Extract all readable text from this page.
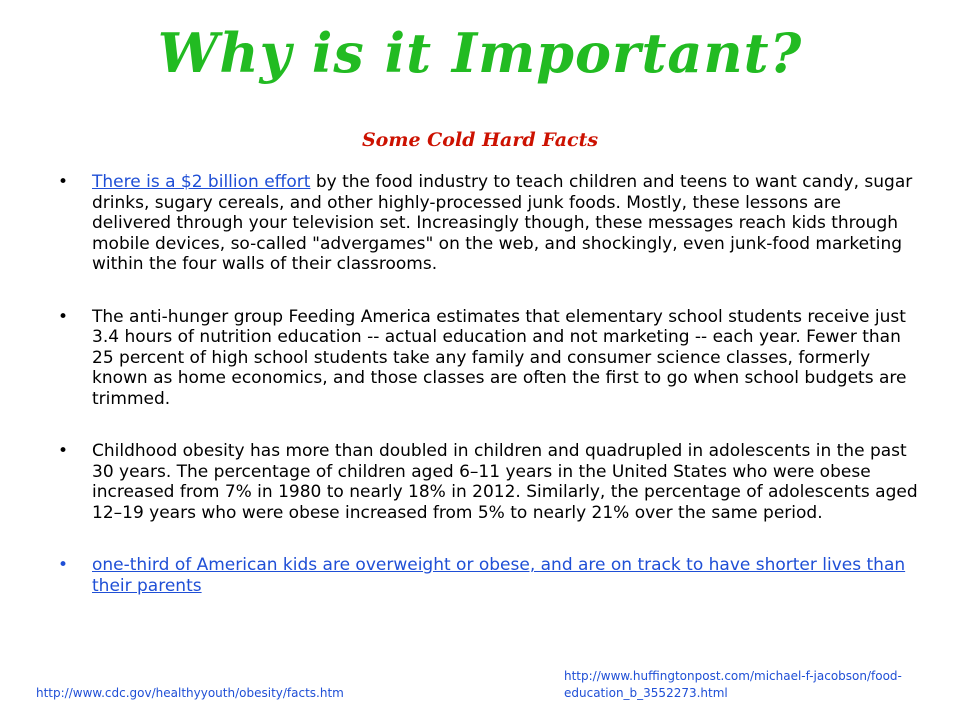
Why is it Important?
Some Cold Hard Facts
• There is a $2 billion effort by the food industry to teach children and teens to want candy, sugar drinks, sugary cereals, and other highly-processed junk foods. Mostly, these lessons are delivered through your television set. Increasingly though, these messages reach kids through mobile devices, so-called "advergames" on the web, and shockingly, even junk-food marketing within the four walls of their classrooms.
• The anti-hunger group Feeding America estimates that elementary school students receive just 3.4 hours of nutrition education -- actual education and not marketing -- each year. Fewer than 25 percent of high school students take any family and consumer science classes, formerly known as home economics, and those classes are often the first to go when school budgets are trimmed.
• Childhood obesity has more than doubled in children and quadrupled in adolescents in the past 30 years. The percentage of children aged 6–11 years in the United States who were obese increased from 7% in 1980 to nearly 18% in 2012. Similarly, the percentage of adolescents aged 12–19 years who were obese increased from 5% to nearly 21% over the same period.
• one-third of American kids are overweight or obese, and are on track to have shorter lives than their parents
http://www.cdc.gov/healthyyouth/obesity/facts.htm
http://www.huffingtonpost.com/michael-f-jacobson/food-education_b_3552273.html
